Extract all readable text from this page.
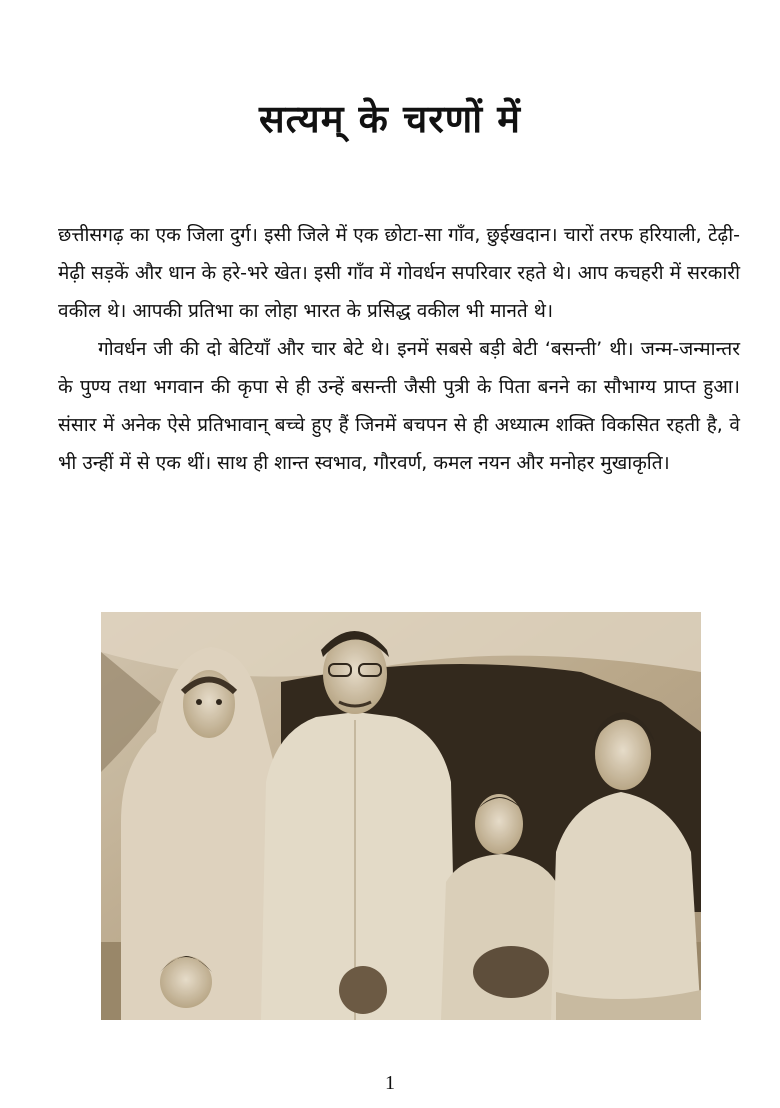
सत्यम् के चरणों में

छत्तीसगढ़ का एक जिला दुर्ग। इसी जिले में एक छोटा-सा गाँव, छुईखदान। चारों तरफ हरियाली, टेढ़ी-मेढ़ी सड़कें और धान के हरे-भरे खेत। इसी गाँव में गोवर्धन सपरिवार रहते थे। आप कचहरी में सरकारी वकील थे। आपकी प्रतिभा का लोहा भारत के प्रसिद्ध वकील भी मानते थे।

गोवर्धन जी की दो बेटियाँ और चार बेटे थे। इनमें सबसे बड़ी बेटी ‘बसन्ती’ थी। जन्म-जन्मान्तर के पुण्य तथा भगवान की कृपा से ही उन्हें बसन्ती जैसी पुत्री के पिता बनने का सौभाग्य प्राप्त हुआ। संसार में अनेक ऐसे प्रतिभावान् बच्चे हुए हैं जिनमें बचपन से ही अध्यात्म शक्ति विकसित रहती है, वे भी उन्हीं में से एक थीं। साथ ही शान्त स्वभाव, गौरवर्ण, कमल नयन और मनोहर मुखाकृति।

1
